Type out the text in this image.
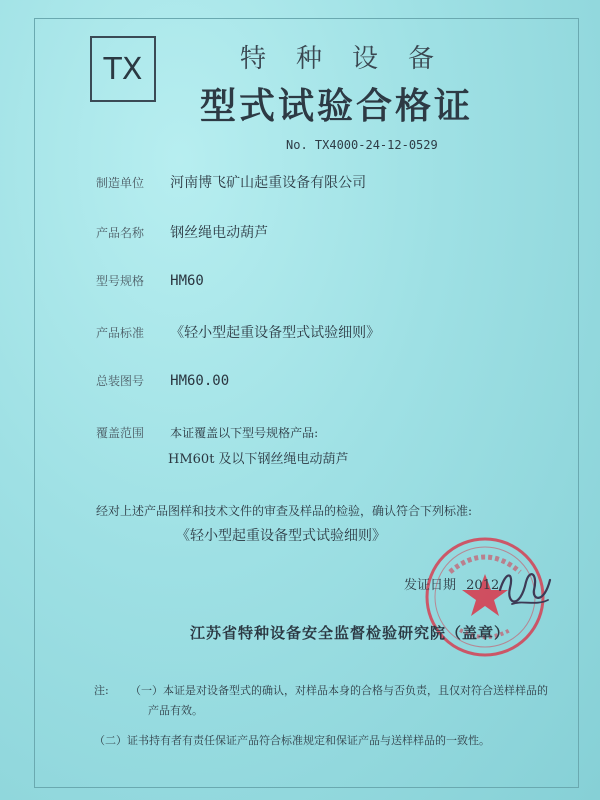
TX	特种设备
型式试验合格证
No. TX4000-24-12-0529
制造单位 河南博飞矿山起重设备有限公司
产品名称 钢丝绳电动葫芦
型号规格 HM60
产品标准 《轻小型起重设备型式试验细则》
总装图号 HM60.00
覆盖范围 本证覆盖以下型号规格产品:
HM60t 及以下钢丝绳电动葫芦
经对上述产品图样和技术文件的审查及样品的检验，确认符合下列标准:
《轻小型起重设备型式试验细则》
发证日期 2012
江苏省特种设备安全监督检验研究院（盖章）
注: （一）本证是对设备型式的确认，对样品本身的合格与否负责，且仅对符合送样样品的
产品有效。
（二）证书持有者有责任保证产品符合标准规定和保证产品与送样样品的一致性。
